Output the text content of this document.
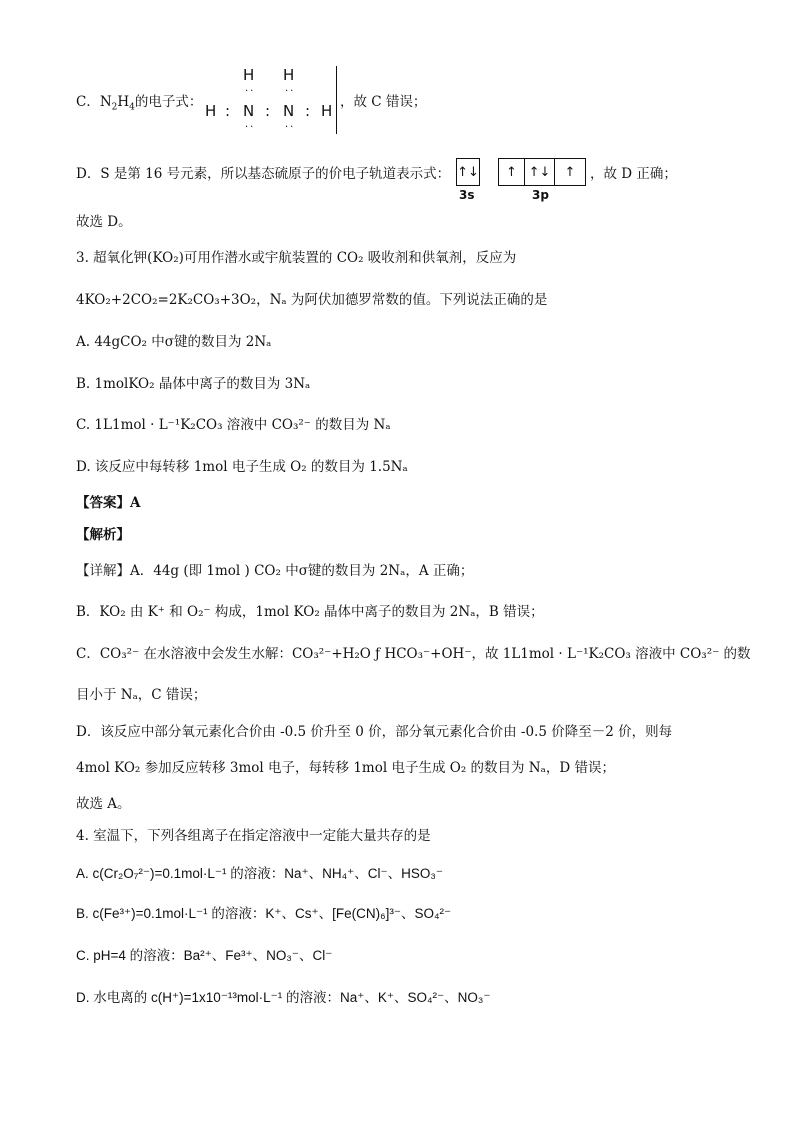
C．$N_2H_4$的电子式：
H H
··	··
H : N : N : H
··	··
，故 C 错误；
D．S 是第 16 号元素，所以基态硫原子的价电子轨道表示式： ↑↓	↑ ↑↓	↑
3s	3p
，故 D 正确；
故选 D。
3. 超氧化钾(KO₂)可用作潜水或宇航装置的 CO₂ 吸收剂和供氧剂，反应为
4KO₂+2CO₂=2K₂CO₃+3O₂，Nₐ 为阿伏加德罗常数的值。下列说法正确的是
A. 44gCO₂ 中σ键的数目为 2Nₐ
B. 1molKO₂ 晶体中离子的数目为 3Nₐ
C. 1L1mol · L⁻¹K₂CO₃ 溶液中 CO₃²⁻ 的数目为 Nₐ
D. 该反应中每转移 1mol 电子生成 O₂ 的数目为 1.5Nₐ
【答案】A
【解析】
【详解】A．44g (即 1mol ) CO₂ 中σ键的数目为 2Nₐ，A 正确；
B．KO₂ 由 K⁺ 和 O₂⁻ 构成，1mol KO₂ 晶体中离子的数目为 2Nₐ，B 错误；
C．CO₃²⁻ 在水溶液中会发生水解：CO₃²⁻+H₂O ƒ HCO₃⁻+OH⁻，故 1L1mol · L⁻¹K₂CO₃ 溶液中 CO₃²⁻ 的数
目小于 Nₐ，C 错误；
D．该反应中部分氧元素化合价由 -0.5 价升至 0 价，部分氧元素化合价由 -0.5 价降至－2 价，则每
4mol KO₂ 参加反应转移 3mol 电子，每转移 1mol 电子生成 O₂ 的数目为 Nₐ，D 错误；
故选 A。
4. 室温下，下列各组离子在指定溶液中一定能大量共存的是
A. c(Cr₂O₇²⁻)=0.1mol·L⁻¹ 的溶液：Na⁺、NH₄⁺、Cl⁻、HSO₃⁻
B. c(Fe³⁺)=0.1mol·L⁻¹ 的溶液：K⁺、Cs⁺、[Fe(CN)₆]³⁻、SO₄²⁻
C. pH=4 的溶液：Ba²⁺、Fe³⁺、NO₃⁻、Cl⁻
D. 水电离的 c(H⁺)=1x10⁻¹³mol·L⁻¹ 的溶液：Na⁺、K⁺、SO₄²⁻、NO₃⁻
